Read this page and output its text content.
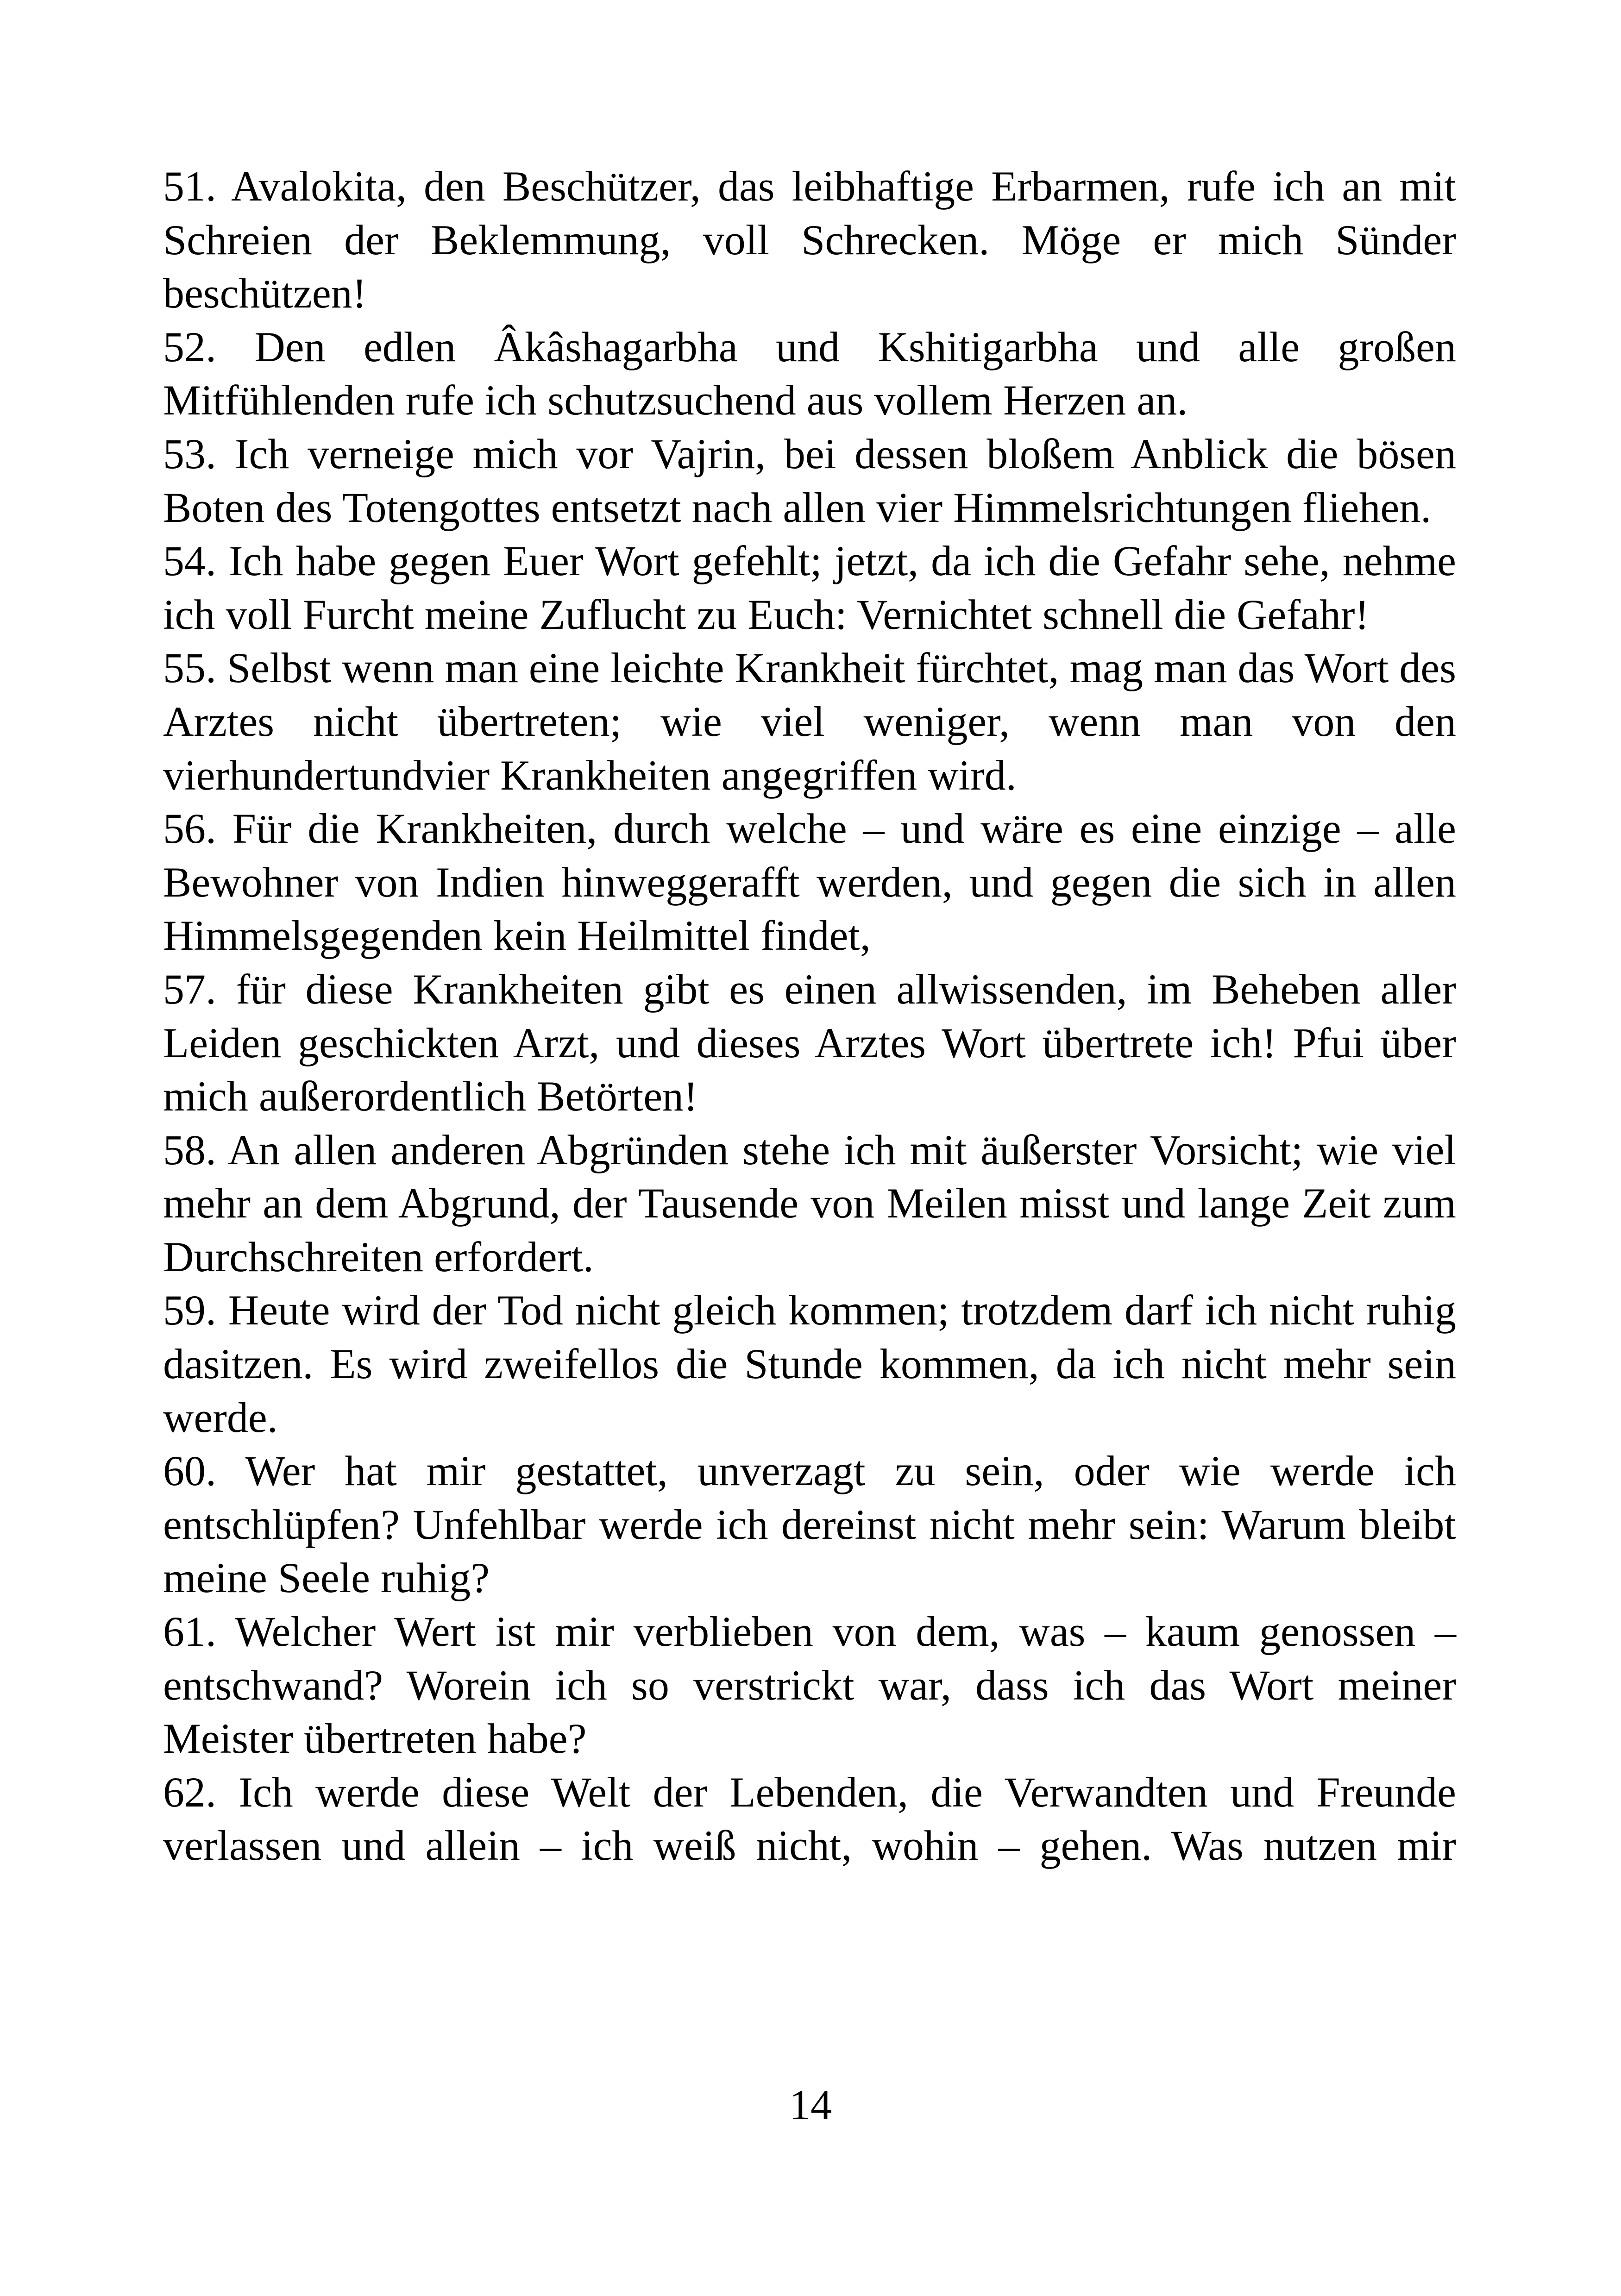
51. Avalokita, den Beschützer, das leibhaftige Erbarmen, rufe ich an mit Schreien der Beklemmung, voll Schrecken. Möge er mich Sünder beschützen!

52. Den edlen Âkâshagarbha und Kshitigarbha und alle großen Mitfühlenden rufe ich schutzsuchend aus vollem Herzen an.

53. Ich verneige mich vor Vajrin, bei dessen bloßem Anblick die bösen Boten des Totengottes entsetzt nach allen vier Himmelsrichtungen fliehen.

54. Ich habe gegen Euer Wort gefehlt; jetzt, da ich die Gefahr sehe, nehme ich voll Furcht meine Zuflucht zu Euch: Vernichtet schnell die Gefahr!

55. Selbst wenn man eine leichte Krankheit fürchtet, mag man das Wort des Arztes nicht übertreten; wie viel weniger, wenn man von den vierhundertundvier Krankheiten angegriffen wird.

56. Für die Krankheiten, durch welche – und wäre es eine einzige – alle Bewohner von Indien hinweggerafft werden, und gegen die sich in allen Himmelsgegenden kein Heilmittel findet,

57. für diese Krankheiten gibt es einen allwissenden, im Beheben aller Leiden geschickten Arzt, und dieses Arztes Wort übertrete ich! Pfui über mich außerordentlich Betörten!

58. An allen anderen Abgründen stehe ich mit äußerster Vorsicht; wie viel mehr an dem Abgrund, der Tausende von Meilen misst und lange Zeit zum Durchschreiten erfordert.

59. Heute wird der Tod nicht gleich kommen; trotzdem darf ich nicht ruhig dasitzen. Es wird zweifellos die Stunde kommen, da ich nicht mehr sein werde.

60. Wer hat mir gestattet, unverzagt zu sein, oder wie werde ich entschlüpfen? Unfehlbar werde ich dereinst nicht mehr sein: Warum bleibt meine Seele ruhig?

61. Welcher Wert ist mir verblieben von dem, was – kaum genossen – entschwand? Worein ich so verstrickt war, dass ich das Wort meiner Meister übertreten habe?

62. Ich werde diese Welt der Lebenden, die Verwandten und Freunde verlassen und allein – ich weiß nicht, wohin – gehen. Was nutzen mir

14
